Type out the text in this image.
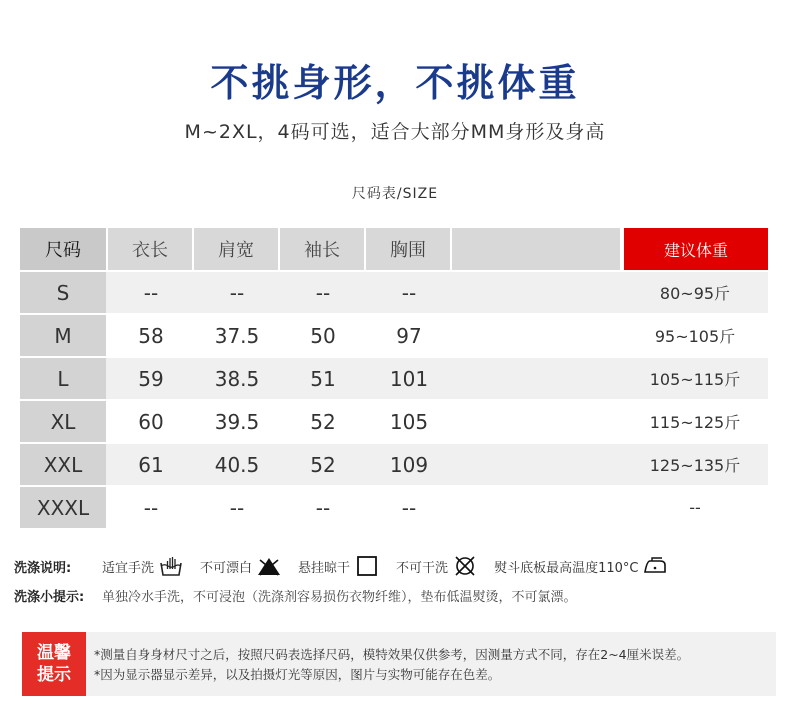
不挑身形，不挑体重
M~2XL，4码可选，适合大部分MM身形及身高
尺码表/SIZE
尺码	衣长	肩宽	袖长	胸围	建议体重
S	--	--	--	--	80~95斤
M	58	37.5	50	97	95~105斤
L	59	38.5	51	101	105~115斤
XL	60	39.5	52	105	115~125斤
XXL	61	40.5	52	109	125~135斤
XXXL	--	--	--	--	--
洗涤说明:	适宜手洗	不可漂白	悬挂晾干	不可干洗	熨斗底板最高温度110°C
洗涤小提示:	单独冷水手洗，不可浸泡（洗涤剂容易损伤衣物纤维），垫布低温熨烫，不可氯漂。
温馨
提示
*测量自身身材尺寸之后，按照尺码表选择尺码，模特效果仅供参考，因测量方式不同，存在2~4厘米误差。
*因为显示器显示差异，以及拍摄灯光等原因，图片与实物可能存在色差。
